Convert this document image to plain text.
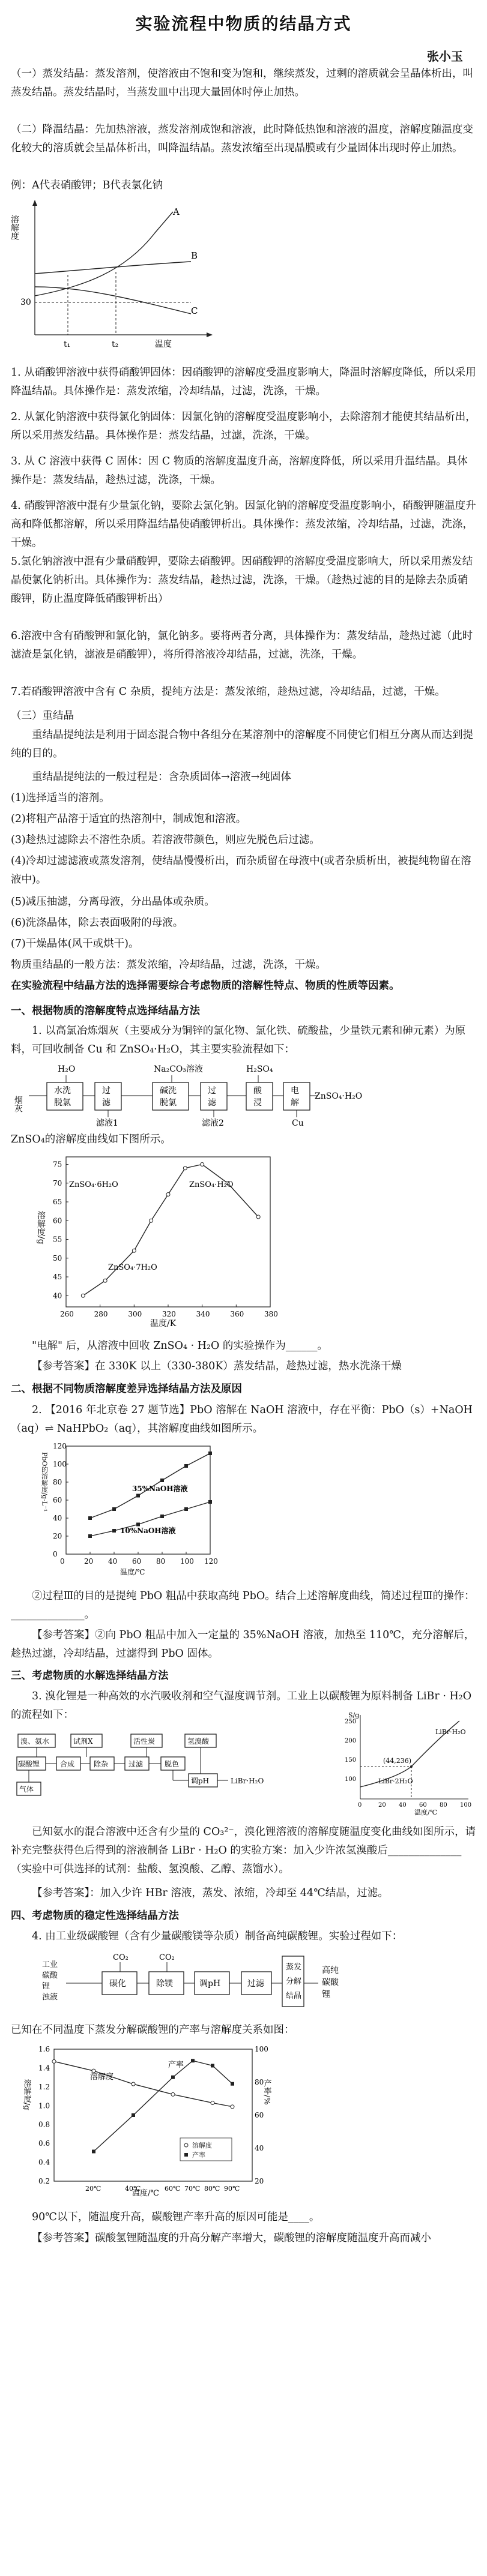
实验流程中物质的结晶方式
张小玉

（一）蒸发结晶：蒸发溶剂，使溶液由不饱和变为饱和，继续蒸发，过剩的溶质就会呈晶体析出，叫蒸发结晶。蒸发结晶时，当蒸发皿中出现大量固体时停止加热。

（二）降温结晶：先加热溶液，蒸发溶剂成饱和溶液，此时降低热饱和溶液的温度，溶解度随温度变化较大的溶质就会呈晶体析出，叫降温结晶。蒸发浓缩至出现晶膜或有少量固体出现时停止加热。

例：A代表硝酸钾；B代表氯化钠

溶解度
30
A
B
C
t₁	t₂	温度

1. 从硝酸钾溶液中获得硝酸钾固体：因硝酸钾的溶解度受温度影响大，降温时溶解度降低，所以采用降温结晶。具体操作是：蒸发浓缩，冷却结晶，过滤，洗涤，干燥。

2. 从氯化钠溶液中获得氯化钠固体：因氯化钠的溶解度受温度影响小，去除溶剂才能使其结晶析出，所以采用蒸发结晶。具体操作是：蒸发结晶，过滤，洗涤，干燥。

3. 从 C 溶液中获得 C 固体：因 C 物质的溶解度温度升高，溶解度降低，所以采用升温结晶。具体操作是：蒸发结晶，趁热过滤，洗涤，干燥。

4. 硝酸钾溶液中混有少量氯化钠，要除去氯化钠。因氯化钠的溶解度受温度影响小，硝酸钾随温度升高和降低都溶解，所以采用降温结晶使硝酸钾析出。具体操作：蒸发浓缩，冷却结晶，过滤，洗涤，干燥。

5.氯化钠溶液中混有少量硝酸钾，要除去硝酸钾。因硝酸钾的溶解度受温度影响大，所以采用蒸发结晶使氯化钠析出。具体操作为：蒸发结晶，趁热过滤，洗涤，干燥。（趁热过滤的目的是除去杂质硝酸钾，防止温度降低硝酸钾析出）

6.溶液中含有硝酸钾和氯化钠，氯化钠多。要将两者分离，具体操作为：蒸发结晶，趁热过滤（此时滤渣是氯化钠，滤液是硝酸钾），将所得溶液冷却结晶，过滤，洗涤，干燥。

7.若硝酸钾溶液中含有 C 杂质，提纯方法是：蒸发浓缩，趁热过滤，冷却结晶，过滤，干燥。

（三）重结晶

重结晶提纯法是利用于固态混合物中各组分在某溶剂中的溶解度不同使它们相互分离从而达到提纯的目的。

重结晶提纯法的一般过程是：含杂质固体→溶液→纯固体

(1)选择适当的溶剂。

(2)将粗产品溶于适宜的热溶剂中，制成饱和溶液。

(3)趁热过滤除去不溶性杂质。若溶液带颜色，则应先脱色后过滤。

(4)冷却过滤滤液或蒸发溶剂，使结晶慢慢析出，而杂质留在母液中(或者杂质析出，被提纯物留在溶液中)。

(5)减压抽滤，分离母液，分出晶体或杂质。

(6)洗涤晶体，除去表面吸附的母液。

(7)干燥晶体(风干或烘干)。

物质重结晶的一般方法：蒸发浓缩，冷却结晶，过滤，洗涤，干燥。

在实验流程中结晶方法的选择需要综合考虑物质的溶解性特点、物质的性质等因素。

一、根据物质的溶解度特点选择结晶方法

1. 以高氯冶炼烟灰（主要成分为铜锌的氯化物、氯化铁、硫酸盐，少量铁元素和砷元素）为原料，可回收制备 Cu 和 ZnSO₄·H₂O，其主要实验流程如下：

H₂O	Na₂CO₃溶液	H₂SO₄
烟灰
水洗
脱氯
过
滤
碱洗
脱氯
过
滤
酸
浸
电
解
ZnSO₄·H₂O
滤液1	滤液2	Cu

ZnSO₄的溶解度曲线如下图所示。

260	280	300	320	340	360	380
40
45
50
55
60
65
70
75
ZnSO₄·6H₂O	ZnSO₄·H₂O
ZnSO₄·7H₂O
温度/K
溶解度/g

"电解" 后，从溶液中回收 ZnSO₄ · H₂O 的实验操作为______。

【参考答案】在 330K 以上（330-380K）蒸发结晶，趁热过滤，热水洗涤干燥

二、根据不同物质溶解度差异选择结晶方法及原因

2. 【2016 年北京卷 27 题节选】PbO 溶解在 NaOH 溶液中，存在平衡：PbO（s）+NaOH（aq）⇌ NaHPbO₂（aq），其溶解度曲线如图所示。

0	20 40 60 80 100 120
0
20
40
60
80
100
120
35%NaOH溶液
10%NaOH溶液
温度/℃
PbO的溶解度/g·L⁻¹

②过程Ⅲ的目的是提纯 PbO 粗品中获取高纯 PbO。结合上述溶解度曲线，简述过程Ⅲ的操作：______________。

【参考答案】②向 PbO 粗品中加入一定量的 35%NaOH 溶液，加热至 110℃，充分溶解后，趁热过滤，冷却结晶，过滤得到 PbO 固体。

三、考虑物质的水解选择结晶方法

3. 溴化锂是一种高效的水汽吸收剂和空气湿度调节剂。工业上以碳酸锂为原料制备 LiBr · H₂O 的流程如下：

溴、氨水	试剂X	活性炭	氢溴酸
碳酸锂	合成	除杂	过滤	脱色
调pH	LiBr·H₂O
气体
250
200
150
100
0	20 40 60 80 100
LiBr·H₂O
(44,236)
LiBr·2H₂O
S/g
温度/℃

已知氨水的混合溶液中还含有少量的 CO₃²⁻，溴化锂溶液的溶解度随温度变化曲线如图所示，请补充完整获得色后得到的溶液制备 LiBr · H₂O 的实验方案：加入少许浓氢溴酸后______________（实验中可供选择的试剂：盐酸、氢溴酸、乙醇、蒸馏水）。

【参考答案】：加入少许 HBr 溶液，蒸发、浓缩，冷却至 44℃结晶，过滤。

四、考虑物质的稳定性选择结晶方法

4. 由工业级碳酸锂（含有少量碳酸镁等杂质）制备高纯碳酸锂。实验过程如下：

CO₂	CO₂
工业
碳酸
锂
浊液
碳化	除镁	调pH	过滤
蒸发
分解
结晶
高纯
碳酸
锂

已知在不同温度下蒸发分解碳酸锂的产率与溶解度关系如图：

1.6
1.4
1.2
1.0
0.8
0.6
0.4
0.2
100
80
60
40
20
20℃	40℃	60℃ 70℃ 80℃ 90℃
溶解度
产率
溶解度
产率
温度/℃
溶解度/g	产率/%

90℃以下，随温度升高，碳酸锂产率升高的原因可能是____。

【参考答案】碳酸氢锂随温度的升高分解产率增大，碳酸锂的溶解度随温度升高而减小
